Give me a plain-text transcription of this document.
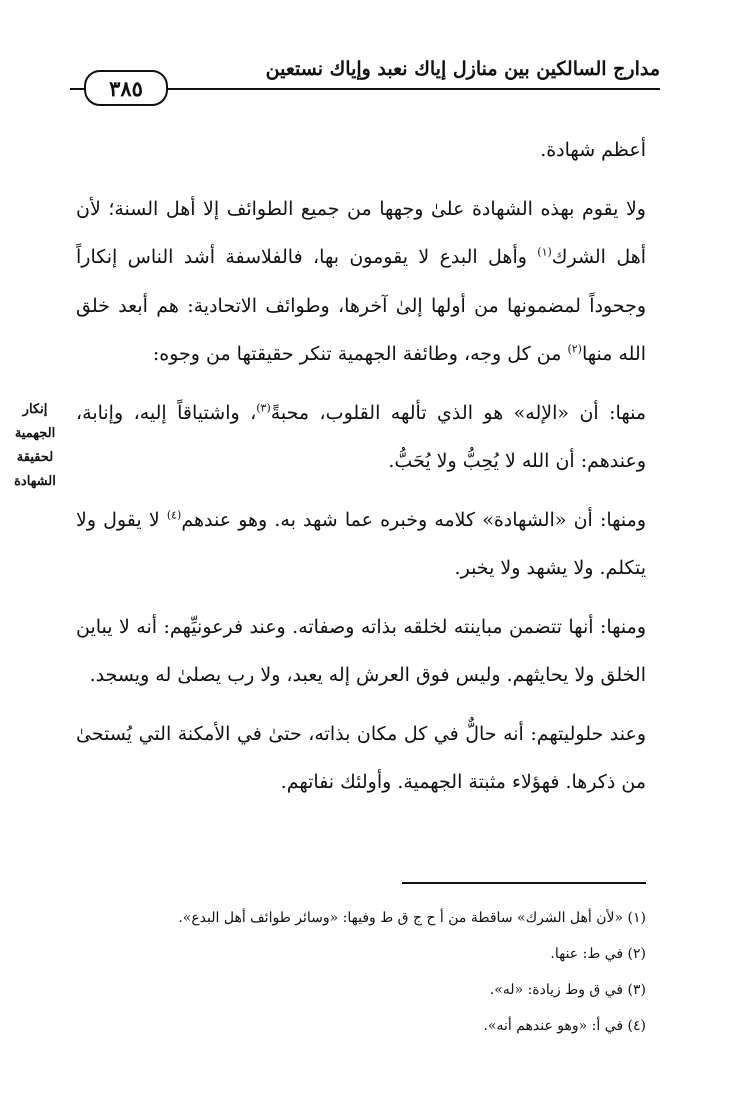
مدارج السالكين بين منازل إياك نعبد وإياك نستعين
٣٨٥
إنكار
الجهمية
لحقيقة
الشهادة

أعظم شهادة.

ولا يقوم بهذه الشهادة علىٰ وجهها من جميع الطوائف إلا أهل السنة؛ لأن أهل الشرك$^{(١)}$ وأهل البدع لا يقومون بها، فالفلاسفة أشد الناس إنكاراً وجحوداً لمضمونها من أولها إلىٰ آخرها، وطوائف الاتحادية: هم أبعد خلق الله منها$^{(٢)}$ من كل وجه، وطائفة الجهمية تنكر حقيقتها من وجوه:

منها: أن «الإله» هو الذي تألهه القلوب، محبةً$^{(٣)}$، واشتياقاً إليه، وإنابة، وعندهم: أن الله لا يُحِبُّ ولا يُحَبُّ.

ومنها: أن «الشهادة» كلامه وخبره عما شهد به. وهو عندهم$^{(٤)}$ لا يقول ولا يتكلم. ولا يشهد ولا يخبر.

ومنها: أنها تتضمن مباينته لخلقه بذاته وصفاته. وعند فرعونيِّهم: أنه لا يباين الخلق ولا يحايثهم. وليس فوق العرش إله يعبد، ولا رب يصلىٰ له ويسجد.

وعند حلوليتهم: أنه حالٌّ في كل مكان بذاته، حتىٰ في الأمكنة التي يُستحىٰ من ذكرها. فهؤلاء مثبتة الجهمية. وأولئك نفاتهم.

(١) «لأن أهل الشرك» ساقطة من أ ح ج ق ط وفيها: «وسائر طوائف أهل البدع».
(٢) في ط: عنها.
(٣) في ق وط زيادة: «له».
(٤) في أ: «وهو عندهم أنه».
